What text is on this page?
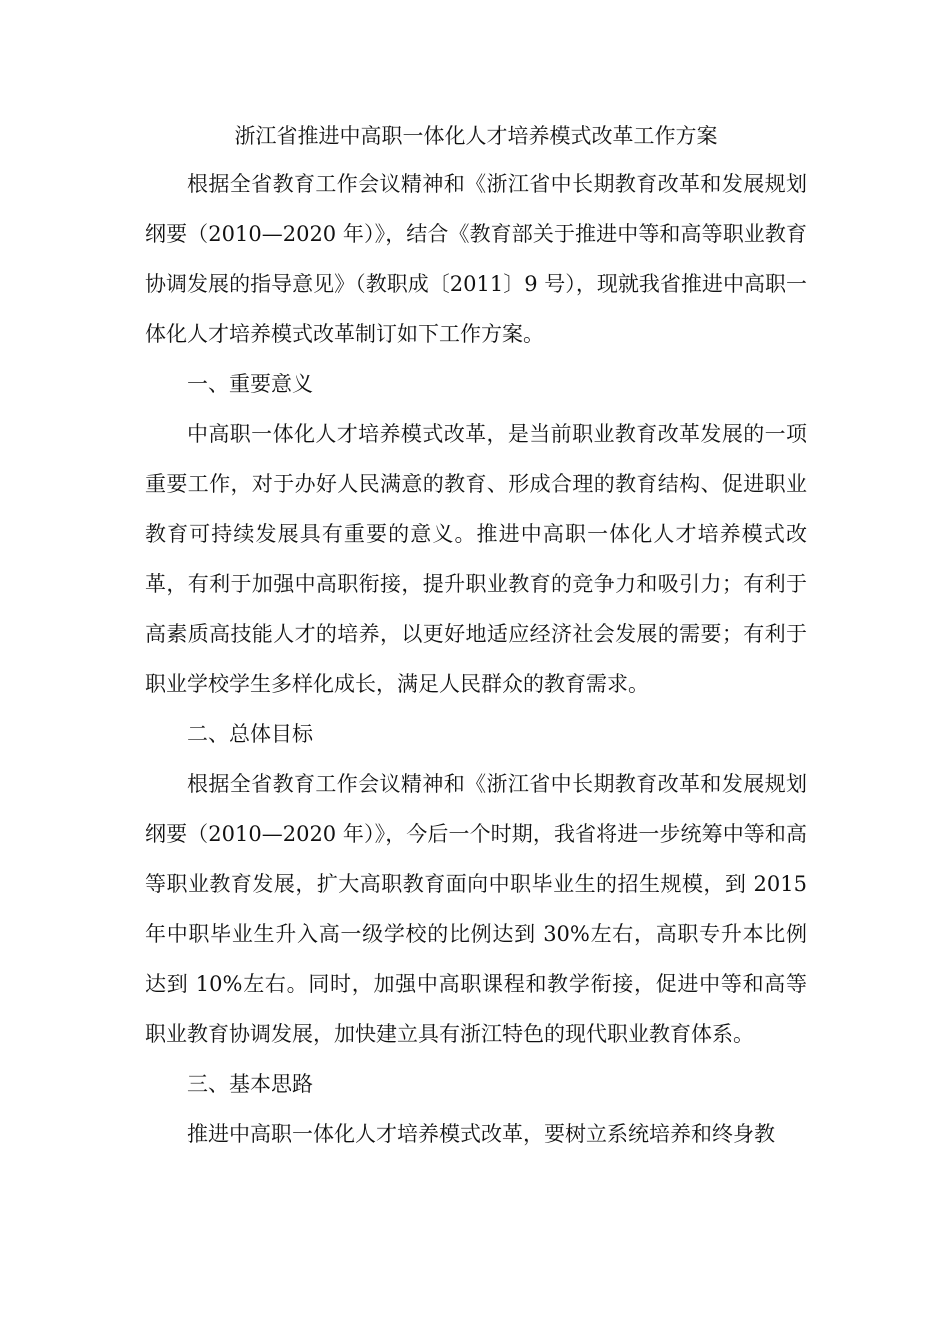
浙江省推进中高职一体化人才培养模式改革工作方案

根据全省教育工作会议精神和《浙江省中长期教育改革和发展规划纲要（2010—2020 年）》，结合《教育部关于推进中等和高等职业教育协调发展的指导意见》（教职成〔2011〕9 号），现就我省推进中高职一体化人才培养模式改革制订如下工作方案。

一、重要意义

中高职一体化人才培养模式改革，是当前职业教育改革发展的一项重要工作，对于办好人民满意的教育、形成合理的教育结构、促进职业教育可持续发展具有重要的意义。推进中高职一体化人才培养模式改革，有利于加强中高职衔接，提升职业教育的竞争力和吸引力；有利于高素质高技能人才的培养，以更好地适应经济社会发展的需要；有利于职业学校学生多样化成长，满足人民群众的教育需求。

二、总体目标

根据全省教育工作会议精神和《浙江省中长期教育改革和发展规划纲要（2010—2020 年）》，今后一个时期，我省将进一步统筹中等和高等职业教育发展，扩大高职教育面向中职毕业生的招生规模，到 2015 年中职毕业生升入高一级学校的比例达到 30%左右，高职专升本比例达到 10%左右。同时，加强中高职课程和教学衔接，促进中等和高等职业教育协调发展，加快建立具有浙江特色的现代职业教育体系。

三、基本思路

推进中高职一体化人才培养模式改革，要树立系统培养和终身教
